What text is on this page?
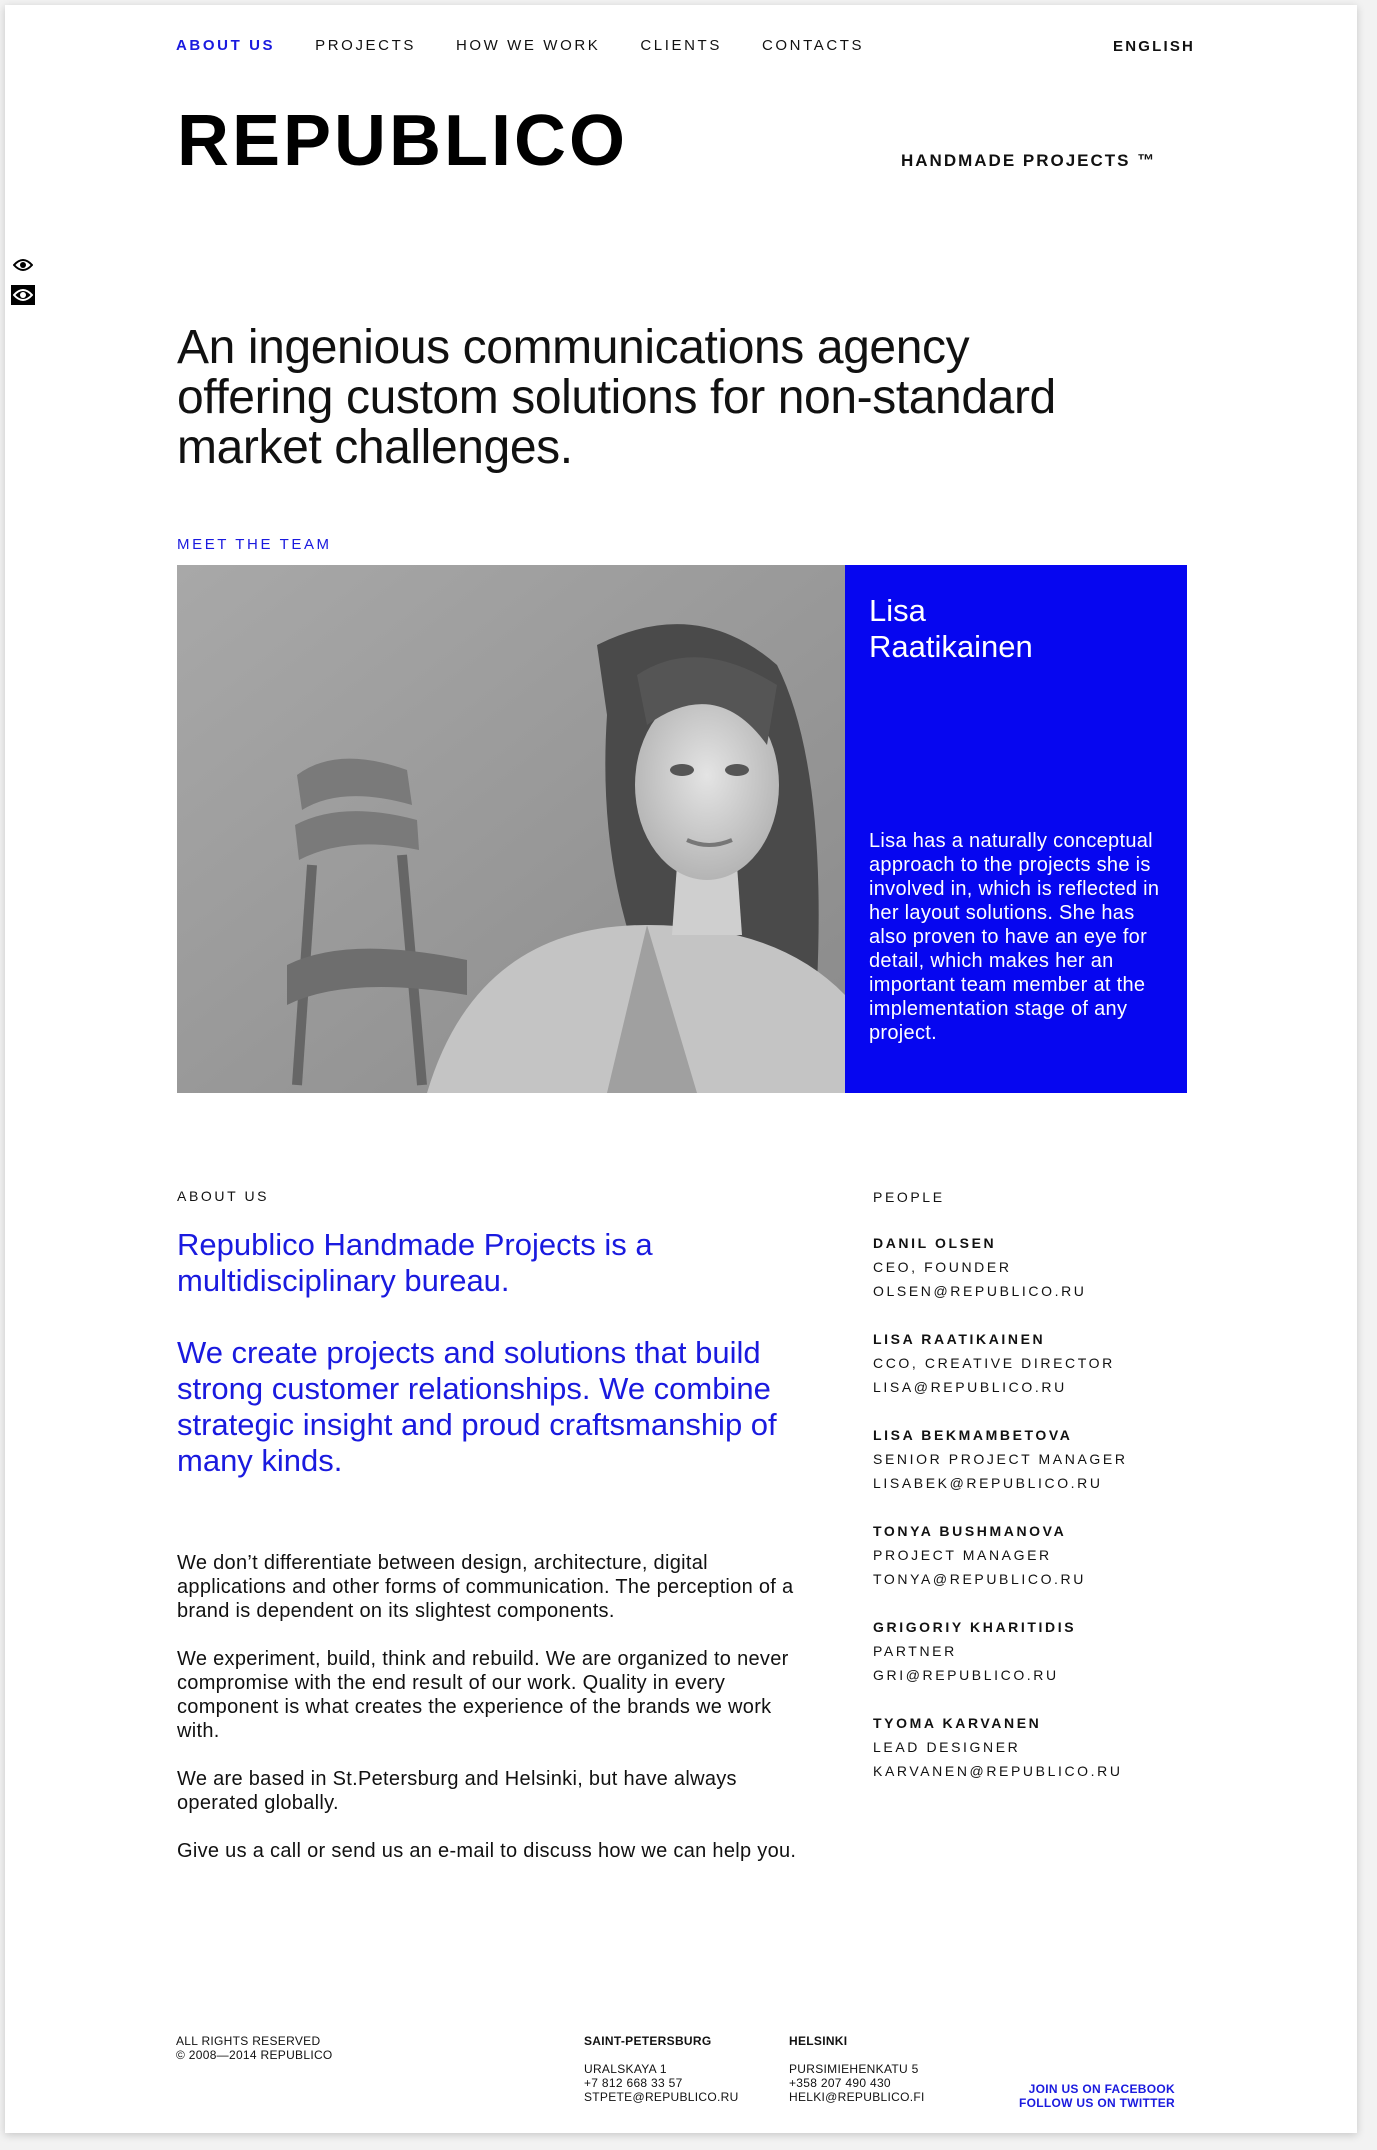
ABOUT US	PROJECTS	HOW WE WORK	CLIENTS	CONTACTS	ENGLISH
REPUBLICO	HANDMADE PROJECTS ™
An ingenious communications agency offering custom solutions for non-standard market challenges.
MEET THE TEAM
Lisa
Raatikainen
Lisa has a naturally conceptual approach to the projects she is involved in, which is reflected in her layout solutions. She has also proven to have an eye for detail, which makes her an important team member at the implementation stage of any project.
ABOUT US

Republico Handmade Projects is a multidisciplinary bureau.

We create projects and solutions that build strong customer relationships. We combine strategic insight and proud craftsmanship of many kinds.

We don’t differentiate between design, architecture, digital applications and other forms of communication. The perception of a brand is dependent on its slightest components.

We experiment, build, think and rebuild. We are organized to never compromise with the end result of our work. Quality in every component is what creates the experience of the brands we work with.

We are based in St.Petersburg and Helsinki, but have always operated globally.

Give us a call or send us an e-mail to discuss how we can help you.

PEOPLE
DANIL OLSEN
CEO, FOUNDER
OLSEN@REPUBLICO.RU
LISA RAATIKAINEN
CCO, CREATIVE DIRECTOR
LISA@REPUBLICO.RU
LISA BEKMAMBETOVA
SENIOR PROJECT MANAGER
LISABEK@REPUBLICO.RU
TONYA BUSHMANOVA
PROJECT MANAGER
TONYA@REPUBLICO.RU
GRIGORIY KHARITIDIS
PARTNER
GRI@REPUBLICO.RU
TYOMA KARVANEN
LEAD DESIGNER
KARVANEN@REPUBLICO.RU
ALL RIGHTS RESERVED
© 2008—2014 REPUBLICO
SAINT-PETERSBURG
URALSKAYA 1
+7 812 668 33 57
STPETE@REPUBLICO.RU
HELSINKI
PURSIMIEHENKATU 5
+358 207 490 430
HELKI@REPUBLICO.FI
JOIN US ON FACEBOOK
FOLLOW US ON TWITTER
